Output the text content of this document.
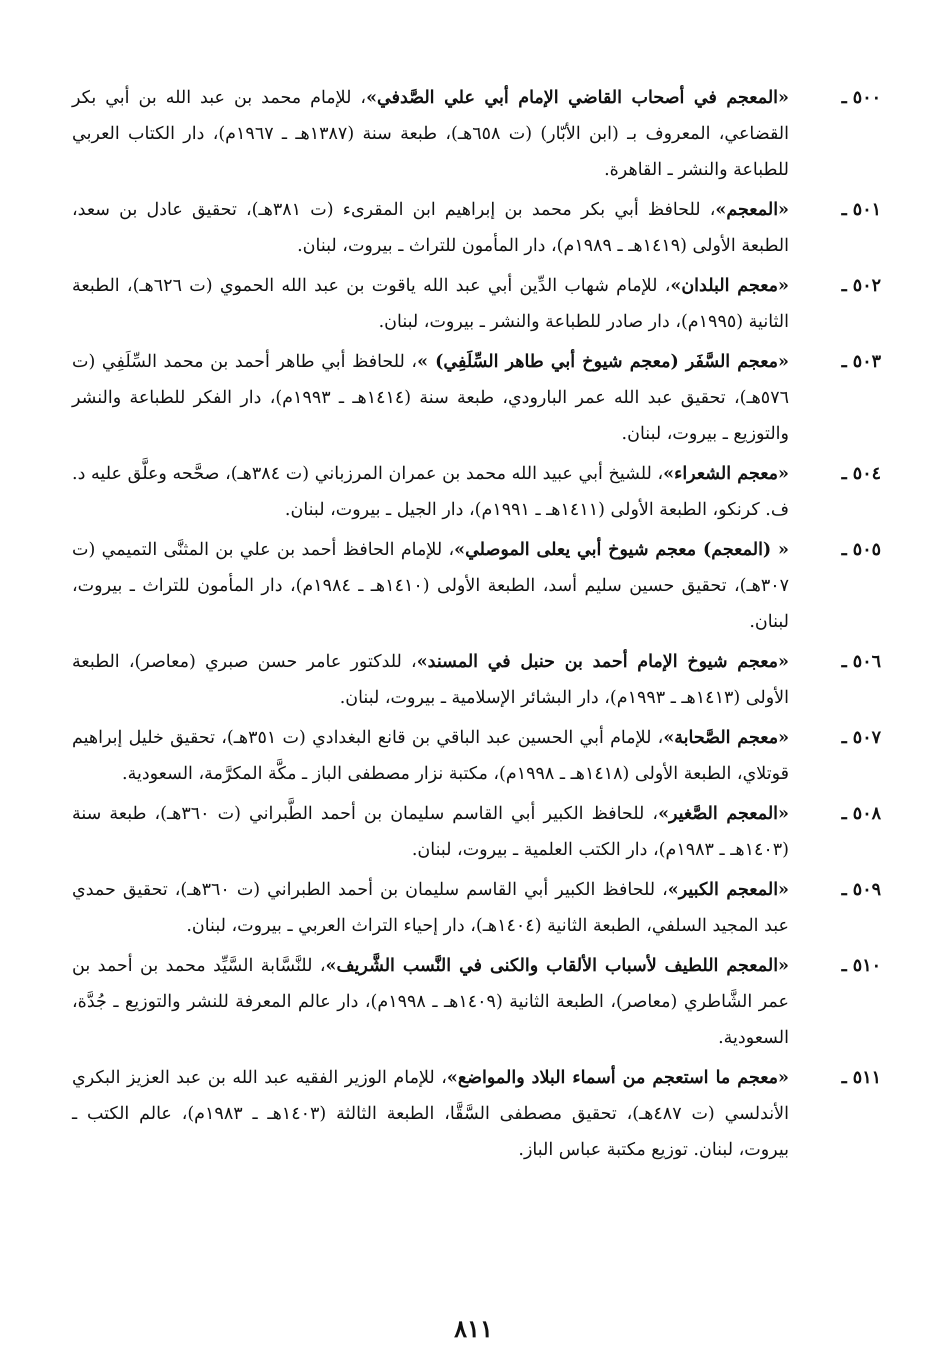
٥٠٠ ـ
«المعجم في أصحاب القاضي الإمام أبي علي الصَّدفي»، للإمام محمد بن عبد الله بن أبي بكر القضاعي، المعروف بـ (ابن الأبّار) (ت ٦٥٨هـ)، طبعة سنة (١٣٨٧هـ ـ ١٩٦٧م)، دار الكتاب العربي للطباعة والنشر ـ القاهرة.
٥٠١ ـ
«المعجم»، للحافظ أبي بكر محمد بن إبراهيم ابن المقرىء (ت ٣٨١هـ)، تحقيق عادل بن سعد، الطبعة الأولى (١٤١٩هـ ـ ١٩٨٩م)، دار المأمون للتراث ـ بيروت، لبنان.
٥٠٢ ـ
«معجم البلدان»، للإمام شهاب الدِّين أبي عبد الله ياقوت بن عبد الله الحموي (ت ٦٢٦هـ)، الطبعة الثانية (١٩٩٥م)، دار صادر للطباعة والنشر ـ بيروت، لبنان.
٥٠٣ ـ
«معجم السَّفَر (معجم شيوخ أبي طاهر السِّلَفِي) »، للحافظ أبي طاهر أحمد بن محمد السِّلَفِي (ت ٥٧٦هـ)، تحقيق عبد الله عمر البارودي، طبعة سنة (١٤١٤هـ ـ ١٩٩٣م)، دار الفكر للطباعة والنشر والتوزيع ـ بيروت، لبنان.
٥٠٤ ـ
«معجم الشعراء»، للشيخ أبي عبيد الله محمد بن عمران المرزباني (ت ٣٨٤هـ)، صحَّحه وعلَّق عليه د. ف. كرنكو، الطبعة الأولى (١٤١١هـ ـ ١٩٩١م)، دار الجيل ـ بيروت، لبنان.
٥٠٥ ـ
« (المعجم) معجم شيوخ أبي يعلى الموصلي»، للإمام الحافظ أحمد بن علي بن المثنَّى التميمي (ت ٣٠٧هـ)، تحقيق حسين سليم أسد، الطبعة الأولى (١٤١٠هـ ـ ١٩٨٤م)، دار المأمون للتراث ـ بيروت، لبنان.
٥٠٦ ـ
«معجم شيوخ الإمام أحمد بن حنبل في المسند»، للدكتور عامر حسن صبري (معاصر)، الطبعة الأولى (١٤١٣هـ ـ ١٩٩٣م)، دار البشائر الإسلامية ـ بيروت، لبنان.
٥٠٧ ـ
«معجم الصَّحابة»، للإمام أبي الحسين عبد الباقي بن قانع البغدادي (ت ٣٥١هـ)، تحقيق خليل إبراهيم قوتلاي، الطبعة الأولى (١٤١٨هـ ـ ١٩٩٨م)، مكتبة نزار مصطفى الباز ـ مكَّة المكرَّمة، السعودية.
٥٠٨ ـ
«المعجم الصَّغير»، للحافظ الكبير أبي القاسم سليمان بن أحمد الطَّبراني (ت ٣٦٠هـ)، طبعة سنة (١٤٠٣هـ ـ ١٩٨٣م)، دار الكتب العلمية ـ بيروت، لبنان.
٥٠٩ ـ
«المعجم الكبير»، للحافظ الكبير أبي القاسم سليمان بن أحمد الطبراني (ت ٣٦٠هـ)، تحقيق حمدي عبد المجيد السلفي، الطبعة الثانية (١٤٠٤هـ)، دار إحياء التراث العربي ـ بيروت، لبنان.
٥١٠ ـ
«المعجم اللطيف لأسباب الألقاب والكنى في النَّسب الشَّريف»، للنَّسَّابة السَّيِّد محمد بن أحمد بن عمر الشَّاطري (معاصر)، الطبعة الثانية (١٤٠٩هـ ـ ١٩٩٨م)، دار عالم المعرفة للنشر والتوزيع ـ جُدَّة، السعودية.
٥١١ ـ
«معجم ما استعجم من أسماء البلاد والمواضع»، للإمام الوزير الفقيه عبد الله بن عبد العزيز البكري الأندلسي (ت ٤٨٧هـ)، تحقيق مصطفى السَّقَّا، الطبعة الثالثة (١٤٠٣هـ ـ ١٩٨٣م)، عالم الكتب ـ بيروت، لبنان. توزيع مكتبة عباس الباز.
٨١١
